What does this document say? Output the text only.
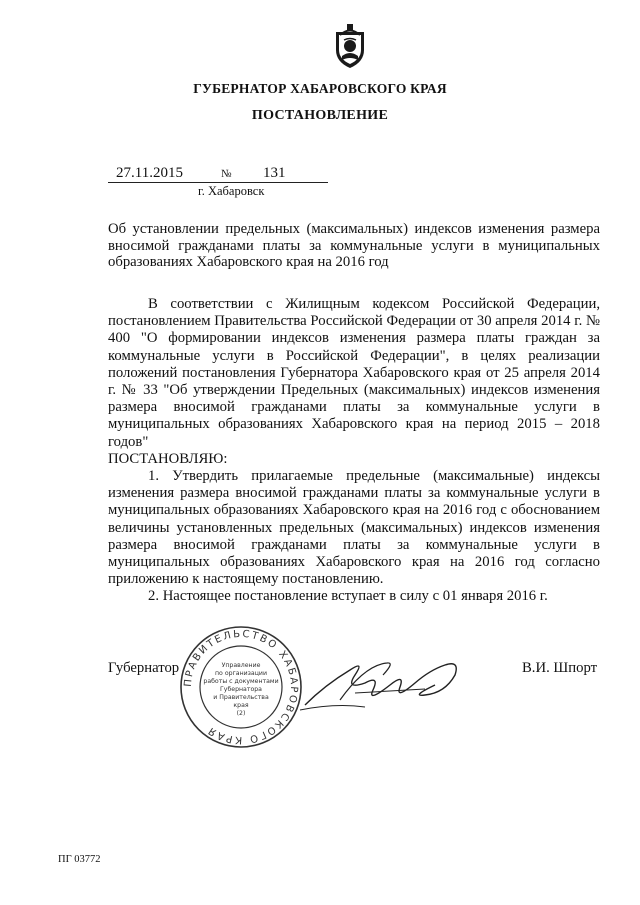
ГУБЕРНАТОР ХАБАРОВСКОГО КРАЯ
ПОСТАНОВЛЕНИЕ
27.11.2015	№ 131
г. Хабаровск
Об установлении предельных (максимальных) индексов изменения размера вносимой гражданами платы за коммунальные услуги в муниципальных образованиях Хабаровского края на 2016 год

В соответствии с Жилищным кодексом Российской Федерации, постановлением Правительства Российской Федерации от 30 апреля 2014 г. № 400 "О формировании индексов изменения размера платы граждан за коммунальные услуги в Российской Федерации", в целях реализации положений постановления Губернатора Хабаровского края от 25 апреля 2014 г. № 33 "Об утверждении Предельных (максимальных) индексов изменения размера вносимой гражданами платы за коммунальные услуги в муниципальных образованиях Хабаровского края на период 2015 – 2018 годов"

ПОСТАНОВЛЯЮ:

1. Утвердить прилагаемые предельные (максимальные) индексы изменения размера вносимой гражданами платы за коммунальные услуги в муниципальных образованиях Хабаровского края на 2016 год с обоснованием величины установленных предельных (максимальных) индексов изменения размера вносимой гражданами платы за коммунальные услуги в муниципальных образованиях Хабаровского края на 2016 год согласно приложению к настоящему постановлению.

2. Настоящее постановление вступает в силу с 01 января 2016 г.

Губернатор	В.И. Шпорт
ПРАВИТЕЛЬСТВО ХАБАРОВСКОГО КРАЯ
Управление
по организации
работы с документами
Губернатора
и Правительства
края
(2)
ПГ 03772
